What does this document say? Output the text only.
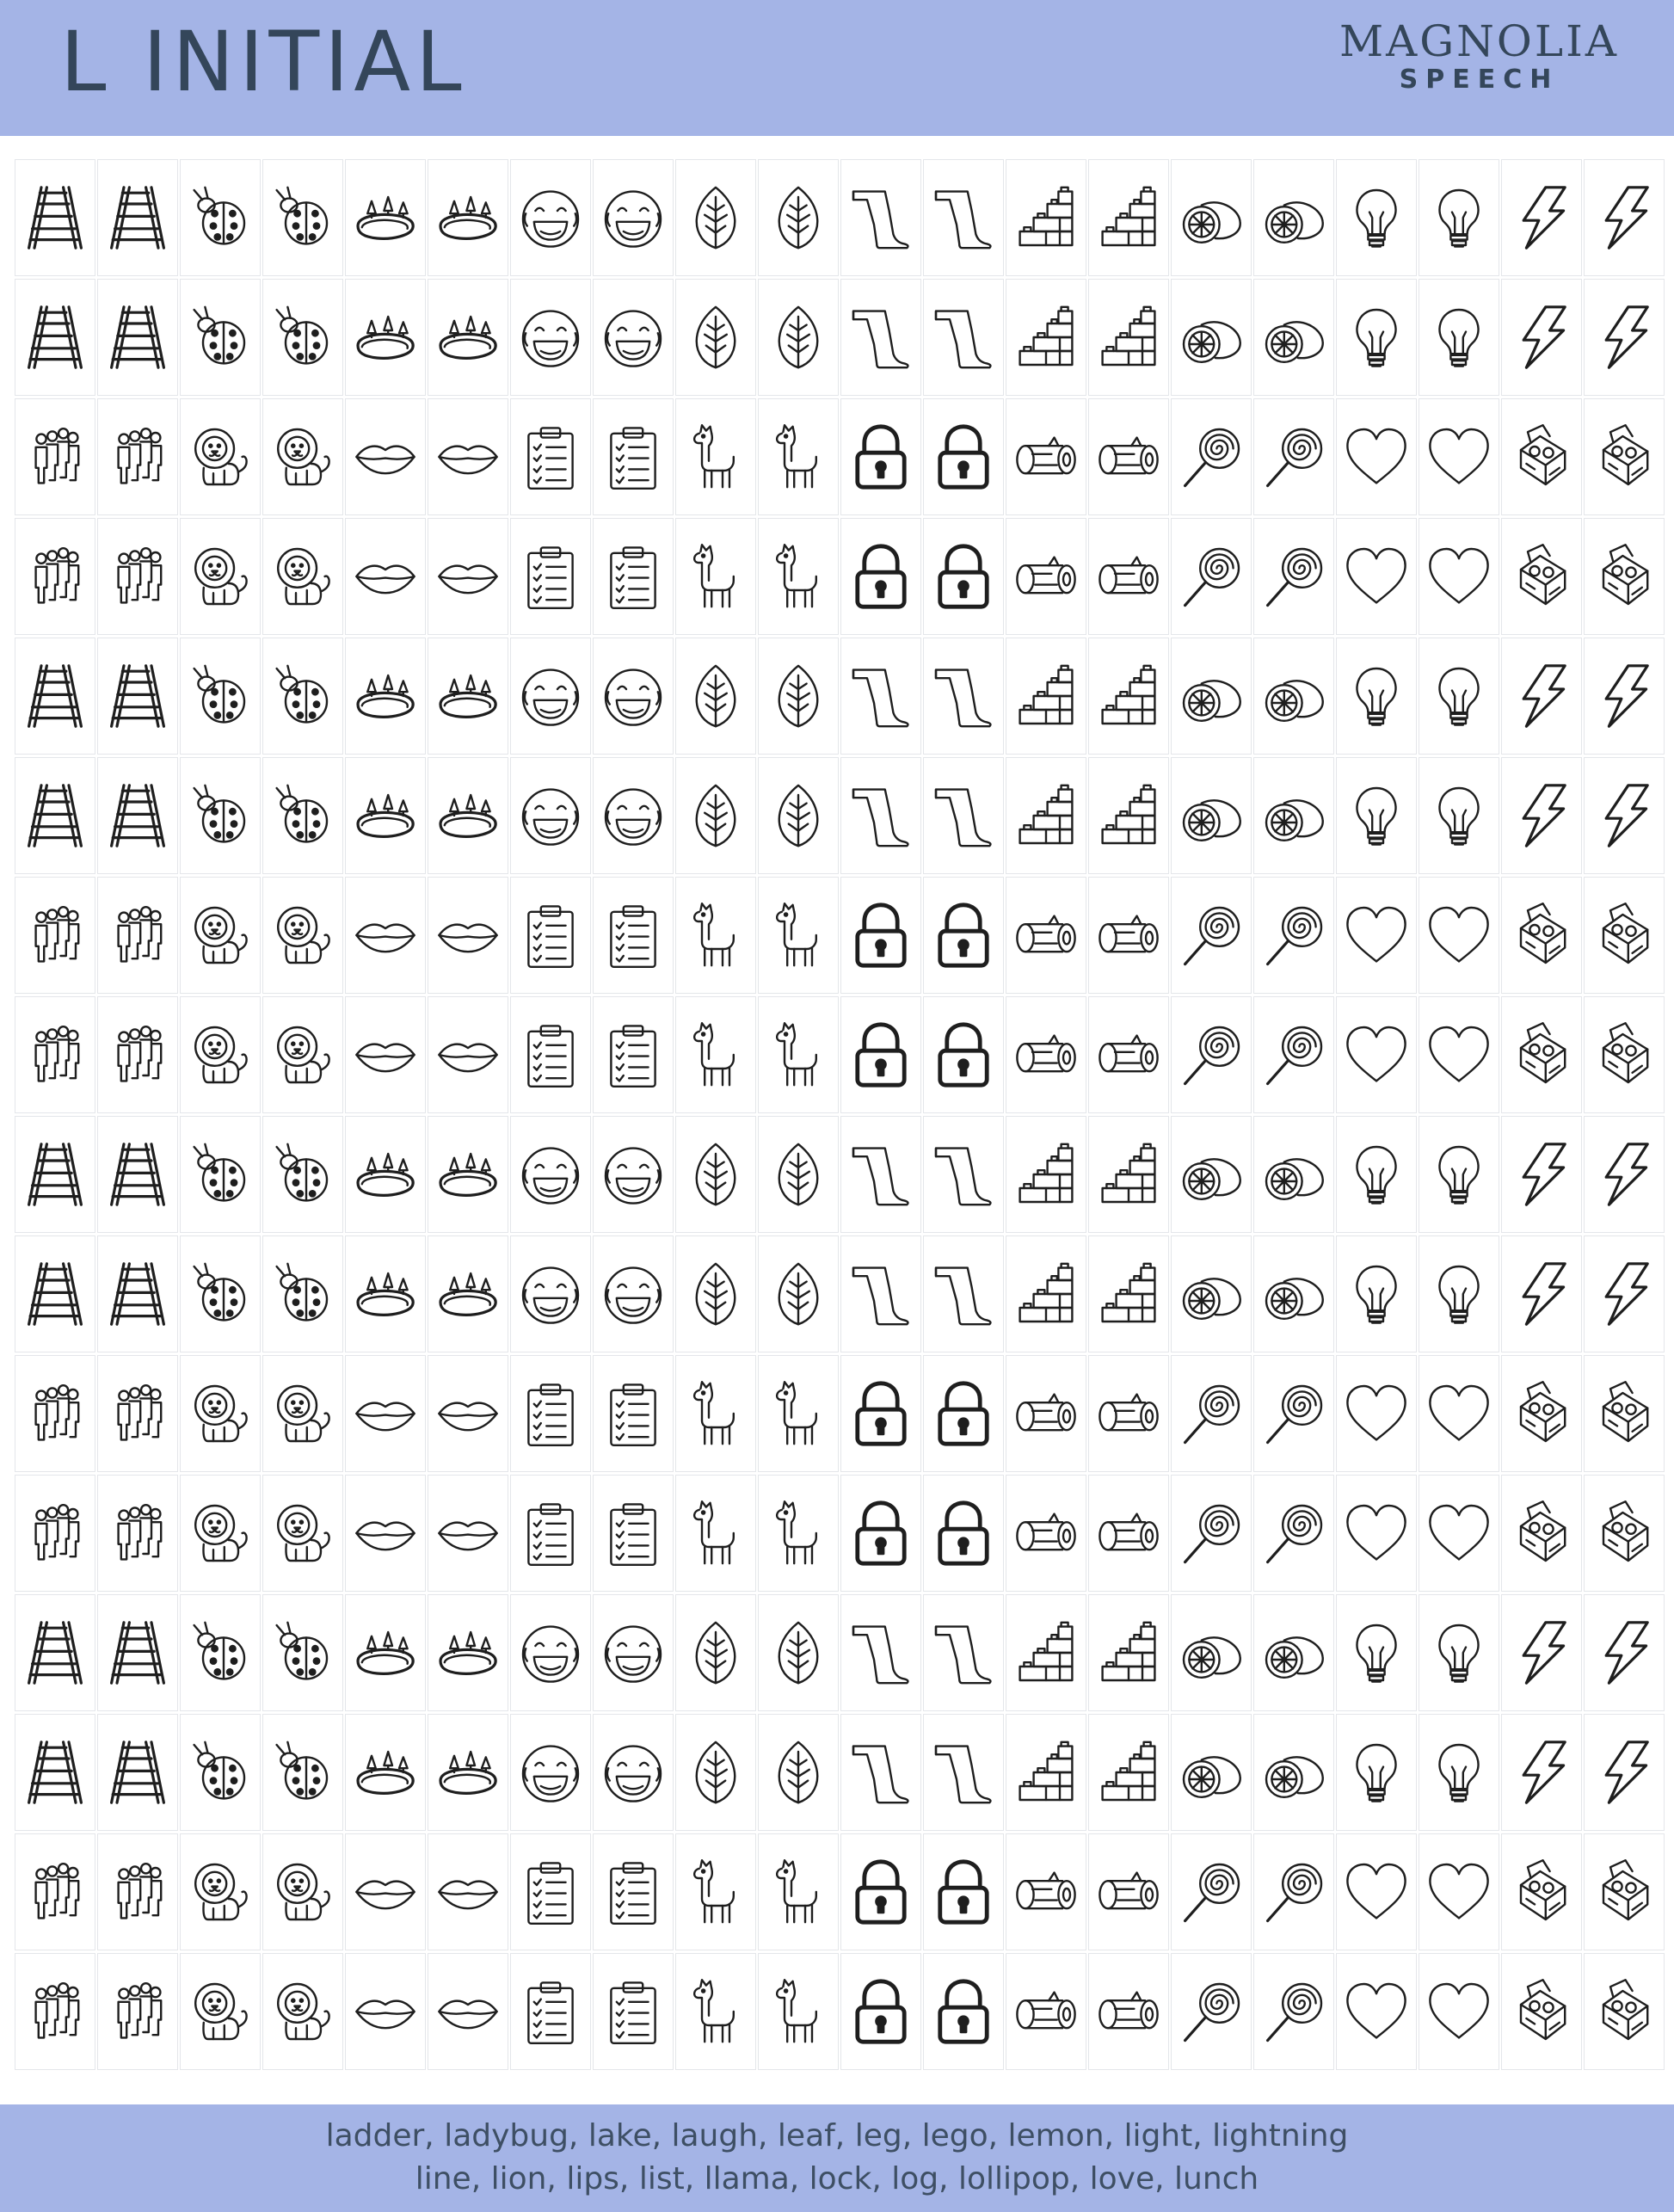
L INITIAL	MAGNOLIA
SPEECH
ladder, ladybug, lake, laugh, leaf, leg, lego, lemon, light, lightning
line, lion, lips, list, llama, lock, log, lollipop, love, lunch
